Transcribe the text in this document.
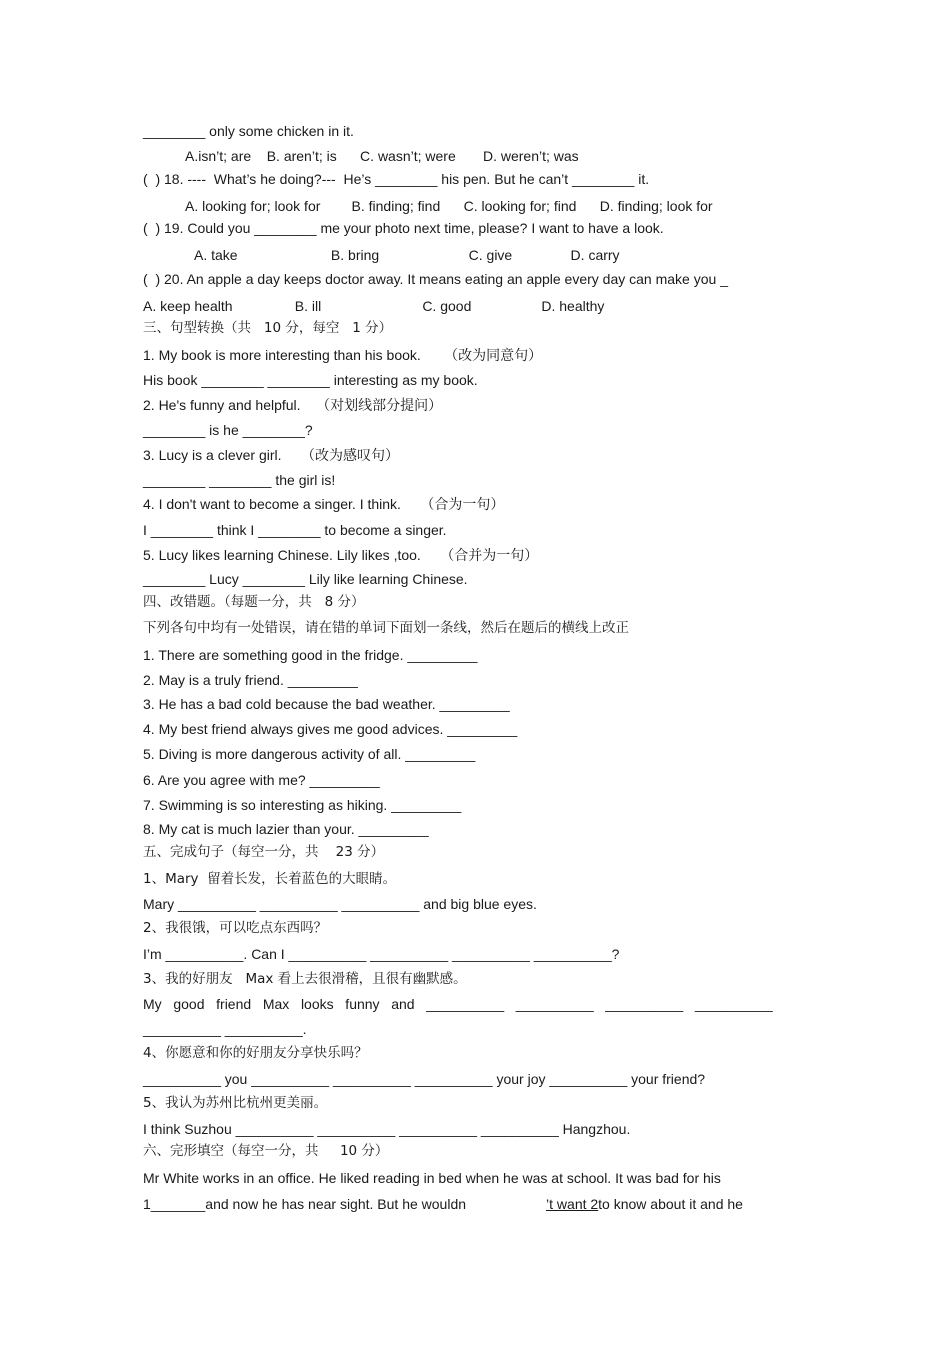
________ only some chicken in it.
A.isn’t; are    B. aren’t; is      C. wasn’t; were       D. weren’t; was
(  ) 18. ----  What’s he doing?---  He’s ________ his pen. But he can’t ________ it.
A. looking for; look for        B. finding; find      C. looking for; find      D. finding; look for
(  ) 19. Could you ________ me your photo next time, please? I want to have a look.
A. take                        B. bring                       C. give               D. carry
(  ) 20. An apple a day keeps doctor away. It means eating an apple every day can make you _
A. keep health                B. ill                          C. good                  D. healthy
三、句型转换（共   10 分，每空   1 分）
1. My book is more interesting than his book.      （改为同意句）
His book ________ ________ interesting as my book.
2. He's funny and helpful.    （对划线部分提问）
________ is he ________?
3. Lucy is a clever girl.     （改为感叹句）
________ ________ the girl is!
4. I don't want to become a singer. I think.     （合为一句）
I ________ think I ________ to become a singer.
5. Lucy likes learning Chinese. Lily likes ,too.     （合并为一句）
________ Lucy ________ Lily like learning Chinese.
四、改错题。（每题一分，共   8 分）
下列各句中均有一处错误，请在错的单词下面划一条线，然后在题后的横线上改正
1. There are something good in the fridge. _________
2. May is a truly friend. _________
3. He has a bad cold because the bad weather. _________
4. My best friend always gives me good advices. _________
5. Diving is more dangerous activity of all. _________
6. Are you agree with me? _________
7. Swimming is so interesting as hiking. _________
8. My cat is much lazier than your. _________
五、完成句子（每空一分，共    23 分）
1、Mary  留着长发，长着蓝色的大眼睛。
Mary __________ __________ __________ and big blue eyes.
2、我很饿，可以吃点东西吗？
I’m __________. Can I __________ __________ __________ __________?
3、我的好朋友   Max 看上去很滑稽，且很有幽默感。
My   good   friend   Max   looks   funny   and   __________   __________   __________   __________
__________ __________.
4、你愿意和你的好朋友分享快乐吗？
__________ you __________ __________ __________ your joy __________ your friend?
5、我认为苏州比杭州更美丽。
I think Suzhou __________ __________ __________ __________ Hangzhou.
六、完形填空（每空一分，共     10 分）
Mr White works in an office. He liked reading in bed when he was at school. It was bad for his
1_______and now he has near sight. But he wouldn	’t want 2to know about it and he
